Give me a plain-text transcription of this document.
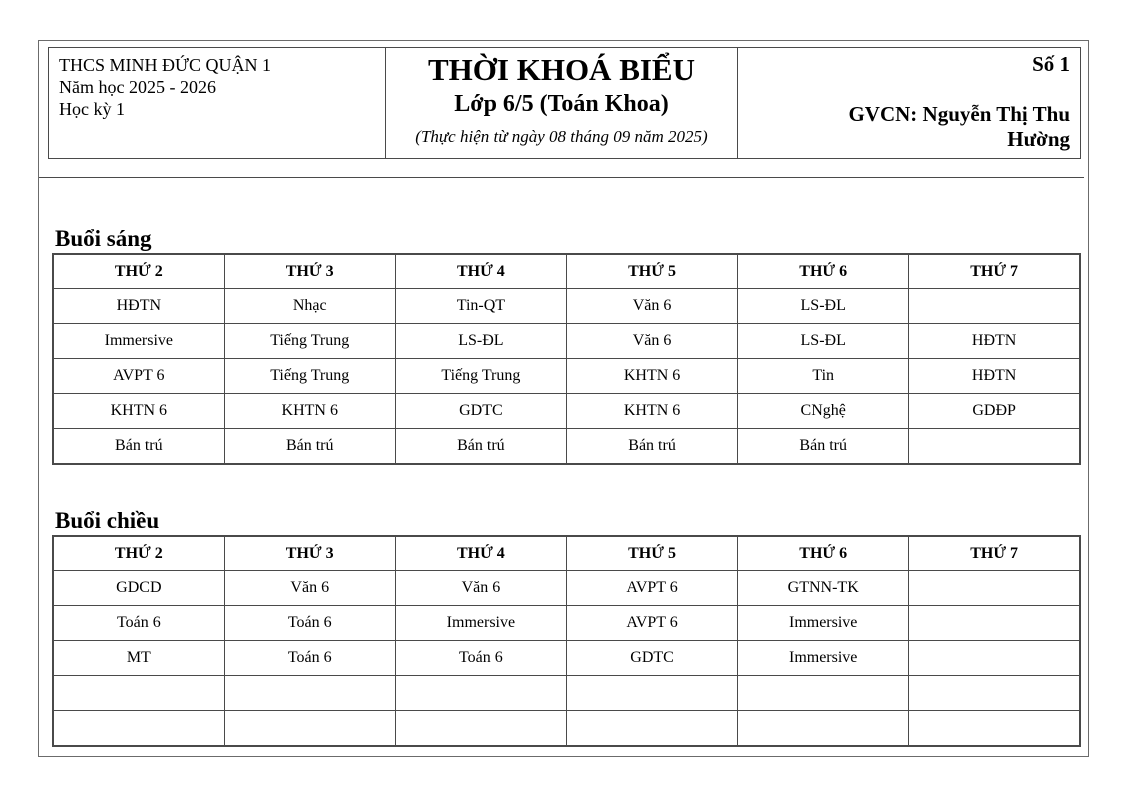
THCS MINH ĐỨC QUẬN 1
Năm học 2025 - 2026
Học kỳ 1
THỜI KHOÁ BIỂU
Lớp 6/5 (Toán Khoa)
(Thực hiện từ ngày 08 tháng 09 năm 2025)
Số 1
GVCN: Nguyễn Thị Thu Hường
Buổi sáng
THỨ 2	THỨ 3	THỨ 4	THỨ 5	THỨ 6	THỨ 7
HĐTN	Nhạc	Tin-QT	Văn 6	LS-ĐL	
Immersive	Tiếng Trung	LS-ĐL	Văn 6	LS-ĐL	HĐTN
AVPT 6	Tiếng Trung	Tiếng Trung	KHTN 6	Tin	HĐTN
KHTN 6	KHTN 6	GDTC	KHTN 6	CNghệ	GDĐP
Bán trú	Bán trú	Bán trú	Bán trú	Bán trú	
Buổi chiều
THỨ 2	THỨ 3	THỨ 4	THỨ 5	THỨ 6	THỨ 7
GDCD	Văn 6	Văn 6	AVPT 6	GTNN-TK	
Toán 6	Toán 6	Immersive	AVPT 6	Immersive	
MT	Toán 6	Toán 6	GDTC	Immersive	
